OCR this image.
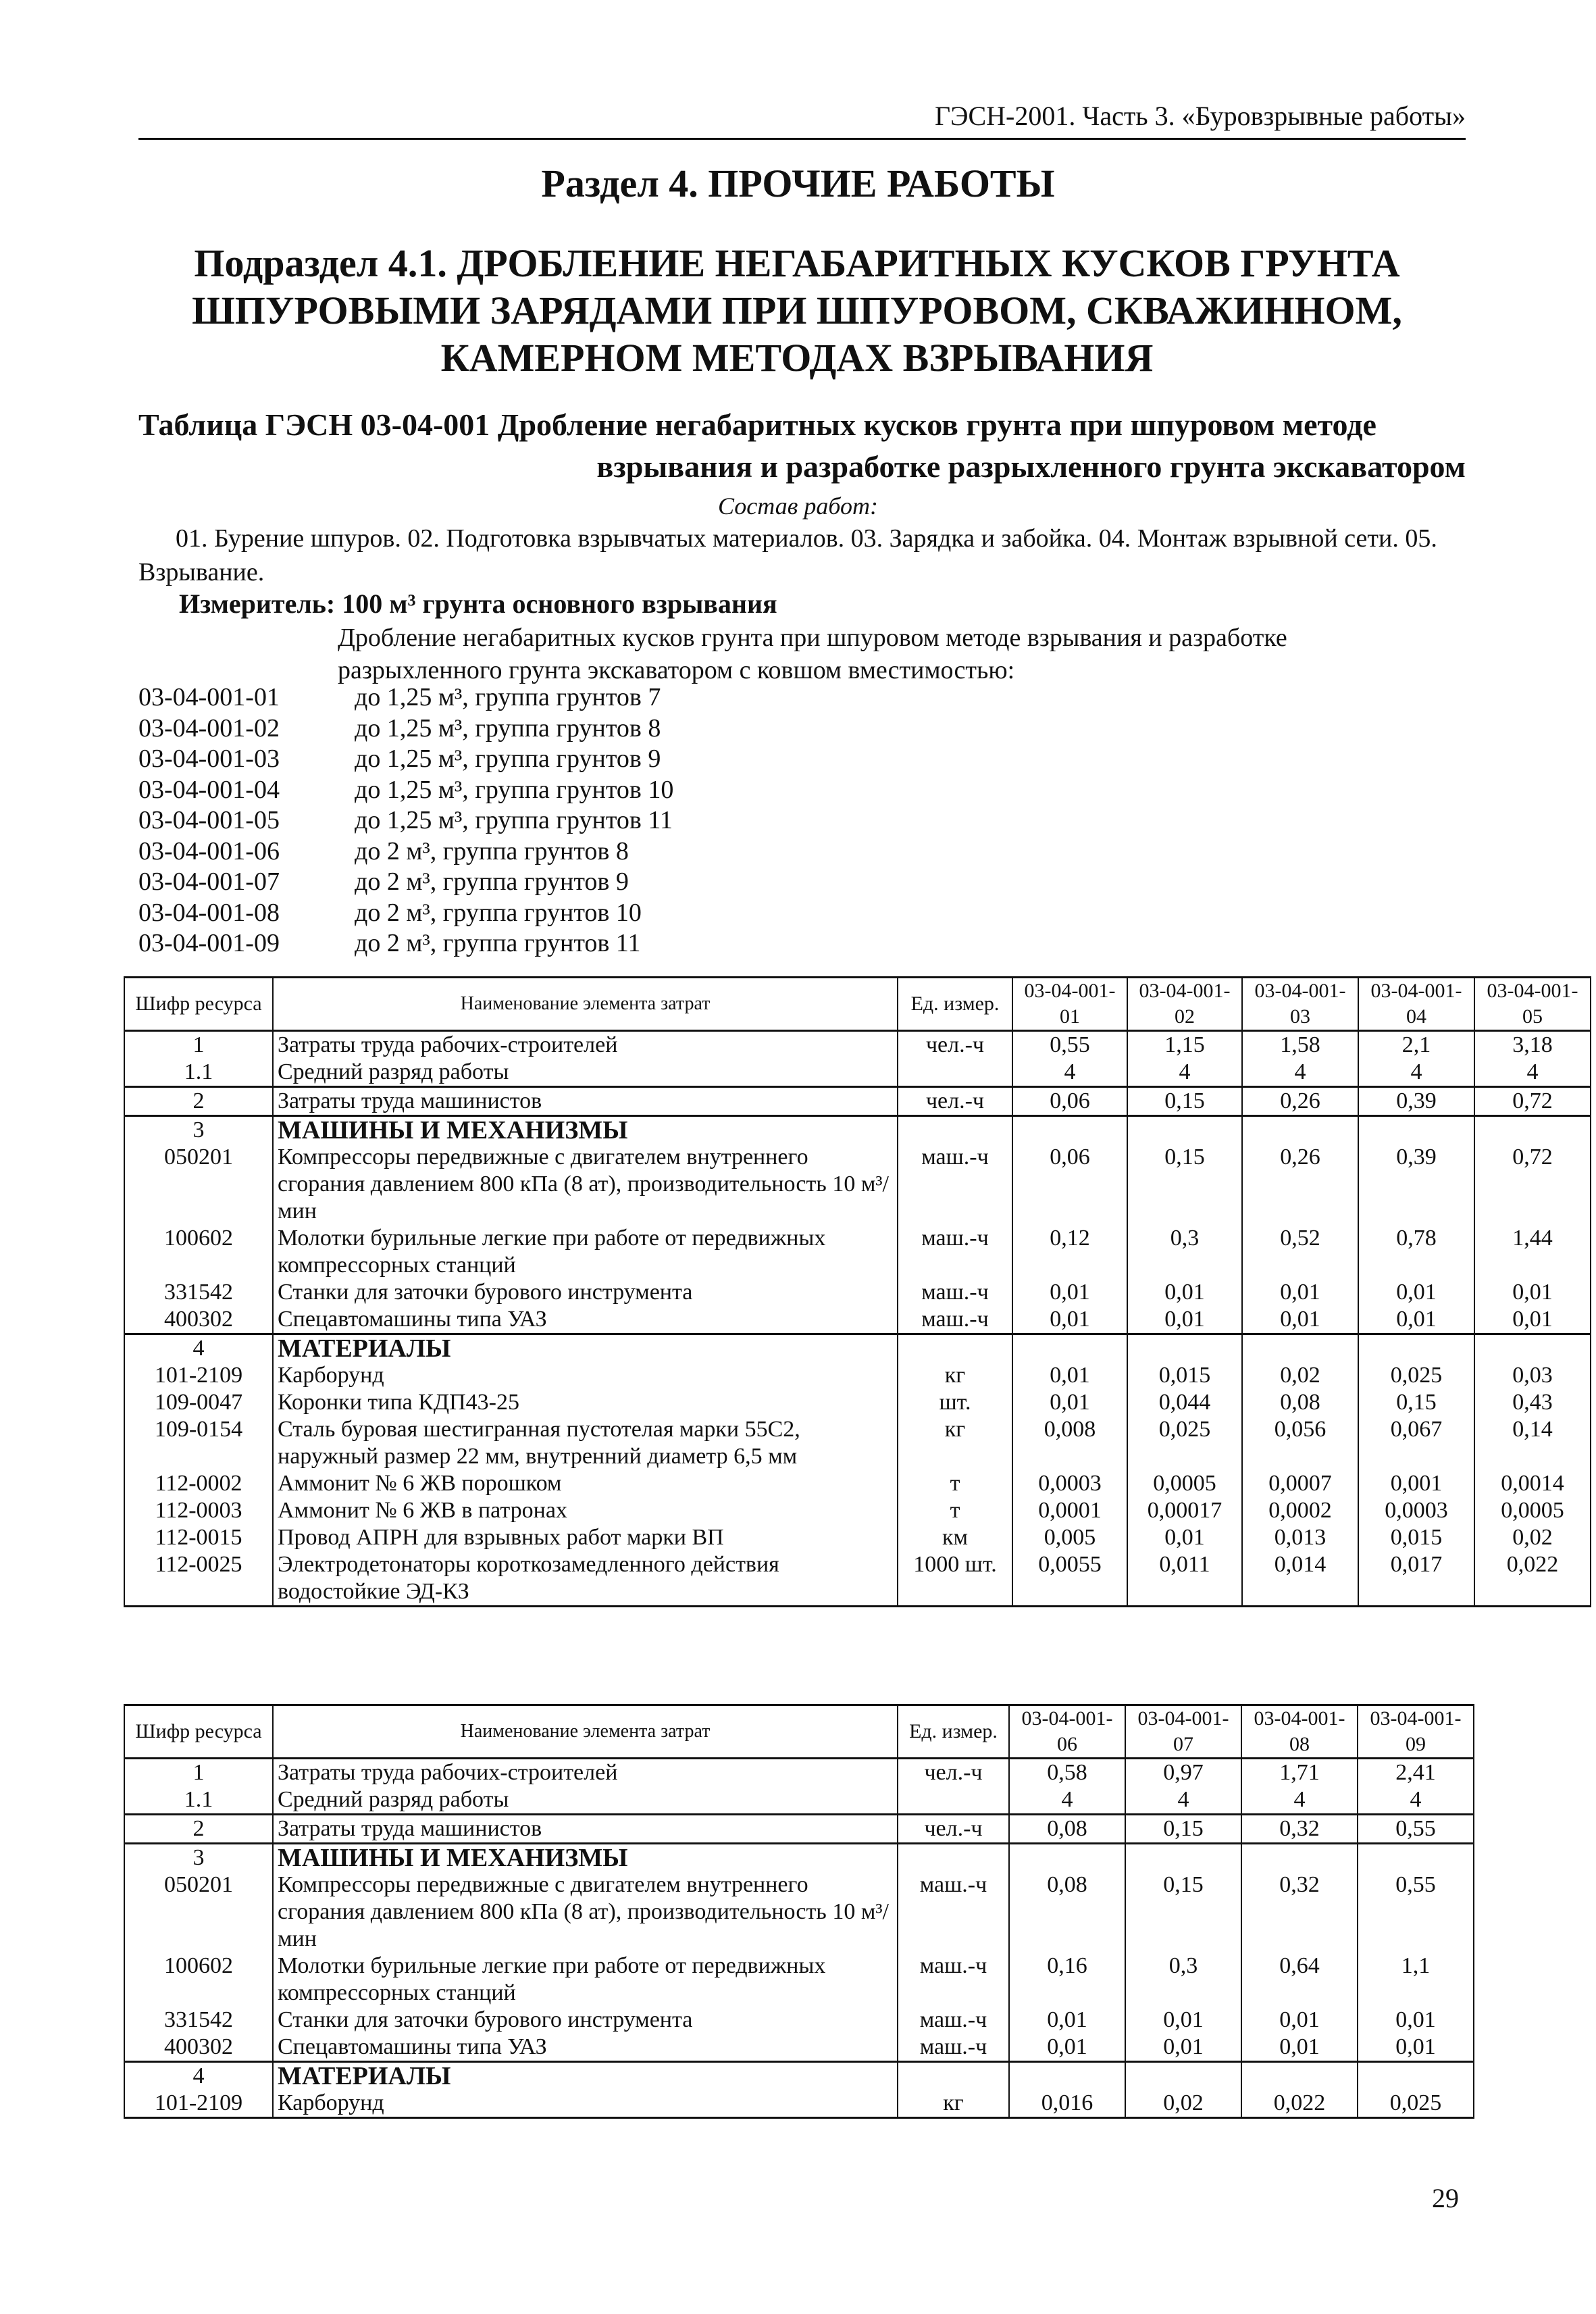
ГЭСН-2001. Часть 3. «Буровзрывные работы»
Раздел 4. ПРОЧИЕ РАБОТЫ
Подраздел 4.1. ДРОБЛЕНИЕ НЕГАБАРИТНЫХ КУСКОВ ГРУНТА ШПУРОВЫМИ ЗАРЯДАМИ ПРИ ШПУРОВОМ, СКВАЖИННОМ, КАМЕРНОМ МЕТОДАХ ВЗРЫВАНИЯ
Таблица ГЭСН 03-04-001 Дробление негабаритных кусков грунта при шпуровом методе
взрывания и разработке разрыхленного грунта экскаватором
Состав работ:
01. Бурение шпуров. 02. Подготовка взрывчатых материалов. 03. Зарядка и забойка. 04. Монтаж взрывной сети. 05. Взрывание.
Измеритель: 100 м³ грунта основного взрывания
Дробление негабаритных кусков грунта при шпуровом методе взрывания и разработке разрыхленного грунта экскаватором с ковшом вместимостью:
03-04-001-01	до 1,25 м³, группа грунтов 7
03-04-001-02	до 1,25 м³, группа грунтов 8
03-04-001-03	до 1,25 м³, группа грунтов 9
03-04-001-04	до 1,25 м³, группа грунтов 10
03-04-001-05	до 1,25 м³, группа грунтов 11
03-04-001-06	до 2 м³, группа грунтов 8
03-04-001-07	до 2 м³, группа грунтов 9
03-04-001-08	до 2 м³, группа грунтов 10
03-04-001-09	до 2 м³, группа грунтов 11
Шифр ресурса	Наименование элемента затрат	Ед. измер.	03-04-001-01	03-04-001-02	03-04-001-03	03-04-001-04	03-04-001-05
1	Затраты труда рабочих-строителей	чел.-ч	0,55	1,15	1,58	2,1	3,18
1.1	Средний разряд работы		4	4	4	4	4
2	Затраты труда машинистов	чел.-ч	0,06	0,15	0,26	0,39	0,72
3	МАШИНЫ И МЕХАНИЗМЫ						
050201	Компрессоры передвижные с двигателем внутреннего сгорания давлением 800 кПа (8 ат), производительность 10 м³/мин	маш.-ч	0,06	0,15	0,26	0,39	0,72
100602	Молотки бурильные легкие при работе от передвижных компрессорных станций	маш.-ч	0,12	0,3	0,52	0,78	1,44
331542	Станки для заточки бурового инструмента	маш.-ч	0,01	0,01	0,01	0,01	0,01
400302	Спецавтомашины типа УАЗ	маш.-ч	0,01	0,01	0,01	0,01	0,01
4	МАТЕРИАЛЫ						
101-2109	Карборунд	кг	0,01	0,015	0,02	0,025	0,03
109-0047	Коронки типа КДП43-25	шт.	0,01	0,044	0,08	0,15	0,43
109-0154	Сталь буровая шестигранная пустотелая марки 55С2, наружный размер 22 мм, внутренний диаметр 6,5 мм	кг	0,008	0,025	0,056	0,067	0,14
112-0002	Аммонит № 6 ЖВ порошком	т	0,0003	0,0005	0,0007	0,001	0,0014
112-0003	Аммонит № 6 ЖВ в патронах	т	0,0001	0,00017	0,0002	0,0003	0,0005
112-0015	Провод АПРН для взрывных работ марки ВП	км	0,005	0,01	0,013	0,015	0,02
112-0025	Электродетонаторы короткозамедленного действия водостойкие ЭД-КЗ	1000 шт.	0,0055	0,011	0,014	0,017	0,022
Шифр ресурса	Наименование элемента затрат	Ед. измер.	03-04-001-06	03-04-001-07	03-04-001-08	03-04-001-09
1	Затраты труда рабочих-строителей	чел.-ч	0,58	0,97	1,71	2,41
1.1	Средний разряд работы		4	4	4	4
2	Затраты труда машинистов	чел.-ч	0,08	0,15	0,32	0,55
3	МАШИНЫ И МЕХАНИЗМЫ					
050201	Компрессоры передвижные с двигателем внутреннего сгорания давлением 800 кПа (8 ат), производительность 10 м³/мин	маш.-ч	0,08	0,15	0,32	0,55
100602	Молотки бурильные легкие при работе от передвижных компрессорных станций	маш.-ч	0,16	0,3	0,64	1,1
331542	Станки для заточки бурового инструмента	маш.-ч	0,01	0,01	0,01	0,01
400302	Спецавтомашины типа УАЗ	маш.-ч	0,01	0,01	0,01	0,01
4	МАТЕРИАЛЫ					
101-2109	Карборунд	кг	0,016	0,02	0,022	0,025
29
